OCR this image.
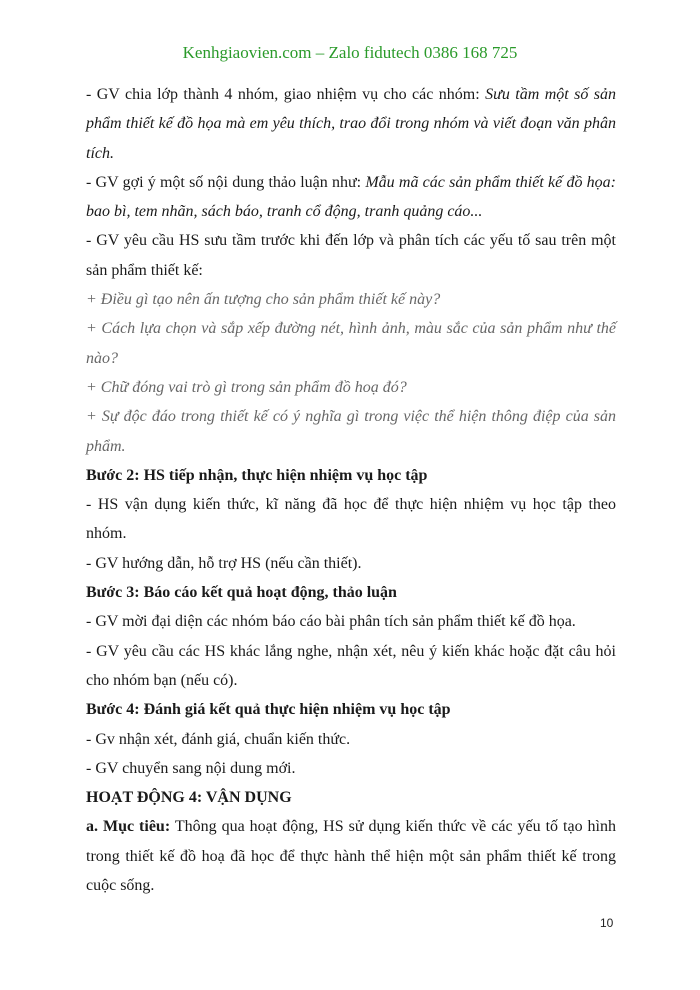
Kenhgiaovien.com – Zalo fidutech 0386 168 725

- GV chia lớp thành 4 nhóm, giao nhiệm vụ cho các nhóm: Sưu tầm một số sản phẩm thiết kế đồ họa mà em yêu thích, trao đổi trong nhóm và viết đoạn văn phân tích.

- GV gợi ý một số nội dung thảo luận như: Mẫu mã các sản phẩm thiết kế đồ họa: bao bì, tem nhãn, sách báo, tranh cổ động, tranh quảng cáo...

- GV yêu cầu HS sưu tầm trước khi đến lớp và phân tích các yếu tố sau trên một sản phẩm thiết kế:

+ Điều gì tạo nên ấn tượng cho sản phẩm thiết kế này?

+ Cách lựa chọn và sắp xếp đường nét, hình ảnh, màu sắc của sản phẩm như thế nào?

+ Chữ đóng vai trò gì trong sản phẩm đồ hoạ đó?

+ Sự độc đáo trong thiết kế có ý nghĩa gì trong việc thể hiện thông điệp của sản phẩm.

Bước 2: HS tiếp nhận, thực hiện nhiệm vụ học tập

- HS vận dụng kiến thức, kĩ năng đã học để thực hiện nhiệm vụ học tập theo nhóm.

- GV hướng dẫn, hỗ trợ HS (nếu cần thiết).

Bước 3: Báo cáo kết quả hoạt động, thảo luận

- GV mời đại diện các nhóm báo cáo bài phân tích sản phẩm thiết kế đồ họa.

- GV yêu cầu các HS khác lắng nghe, nhận xét, nêu ý kiến khác hoặc đặt câu hỏi cho nhóm bạn (nếu có).

Bước 4: Đánh giá kết quả thực hiện nhiệm vụ học tập

- Gv nhận xét, đánh giá, chuẩn kiến thức.

- GV chuyển sang nội dung mới.

HOẠT ĐỘNG 4: VẬN DỤNG

a. Mục tiêu: Thông qua hoạt động, HS sử dụng kiến thức về các yếu tố tạo hình trong thiết kế đồ hoạ đã học để thực hành thể hiện một sản phẩm thiết kế trong cuộc sống.

10
